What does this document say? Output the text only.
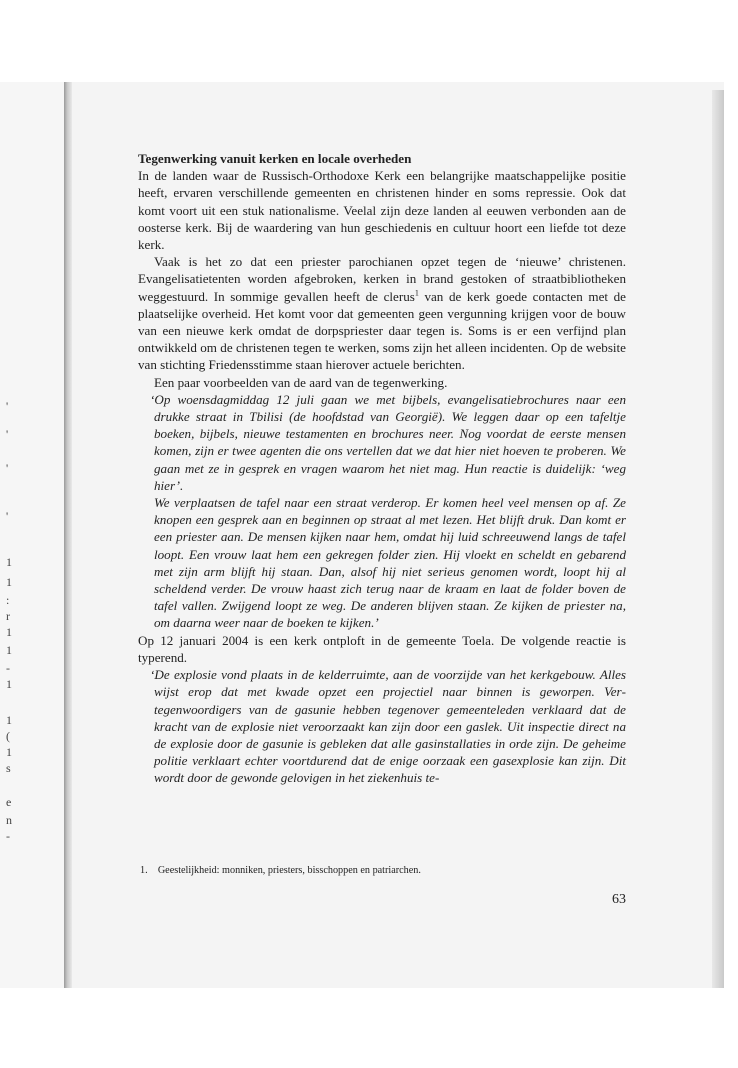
'
'
'
'
1
1
:
r
1
1
-
1
1
(
1
s
e
n
-

Tegenwerking vanuit kerken en locale overheden

In de landen waar de Russisch-Orthodoxe Kerk een belangrijke maatschappelijke positie heeft, ervaren verschillende gemeenten en christenen hinder en soms repressie. Ook dat komt voort uit een stuk nationalisme. Veelal zijn deze landen al eeuwen verbonden aan de oosterse kerk. Bij de waardering van hun geschiedenis en cultuur hoort een liefde tot deze kerk.

Vaak is het zo dat een priester parochianen opzet tegen de ‘nieuwe’ christenen. Evangelisatietenten worden afgebroken, kerken in brand gestoken of straatbibliotheken weggestuurd. In sommige gevallen heeft de clerus$^1$ van de kerk goede contacten met de plaatselijke overheid. Het komt voor dat gemeenten geen vergunning krijgen voor de bouw van een nieuwe kerk omdat de dorpspriester daar tegen is. Soms is er een verfijnd plan ontwikkeld om de christenen tegen te werken, soms zijn het alleen incidenten. Op de website van stichting Friedensstimme staan hierover actuele berichten.

Een paar voorbeelden van de aard van de tegenwerking.

‘Op woensdagmiddag 12 juli gaan we met bijbels, evangelisatiebrochures naar een drukke straat in Tbilisi (de hoofdstad van Georgië). We leggen daar op een tafeltje boeken, bijbels, nieuwe testamenten en brochures neer. Nog voordat de eerste mensen komen, zijn er twee agenten die ons vertellen dat we dat hier niet hoeven te proberen. We gaan met ze in gesprek en vragen waarom het niet mag. Hun reactie is duidelijk: ‘weg hier’.

We verplaatsen de tafel naar een straat verderop. Er komen heel veel mensen op af. Ze knopen een gesprek aan en beginnen op straat al met lezen. Het blijft druk. Dan komt er een priester aan. De mensen kijken naar hem, omdat hij luid schreeuwend langs de tafel loopt. Een vrouw laat hem een gekregen folder zien. Hij vloekt en scheldt en gebarend met zijn arm blijft hij staan. Dan, alsof hij niet serieus genomen wordt, loopt hij al scheldend verder. De vrouw haast zich terug naar de kraam en laat de folder boven de tafel vallen. Zwijgend loopt ze weg. De anderen blijven staan. Ze kijken de priester na, om daarna weer naar de boeken te kijken.’

Op 12 januari 2004 is een kerk ontploft in de gemeente Toela. De volgende reactie is typerend.

‘De explosie vond plaats in de kelderruimte, aan de voorzijde van het kerkgebouw. Alles wijst erop dat met kwade opzet een projectiel naar binnen is geworpen. Vertegenwoordigers van de gasunie hebben tegenover gemeenteleden verklaard dat de kracht van de explosie niet veroorzaakt kan zijn door een gaslek. Uit inspectie direct na de explosie door de gasunie is gebleken dat alle gasinstallaties in orde zijn. De geheime politie verklaart echter voortdurend dat de enige oorzaak een gasexplosie kan zijn. Dit wordt door de gewonde gelovigen in het ziekenhuis te-

1. Geestelijkheid: monniken, priesters, bisschoppen en patriarchen.
63
